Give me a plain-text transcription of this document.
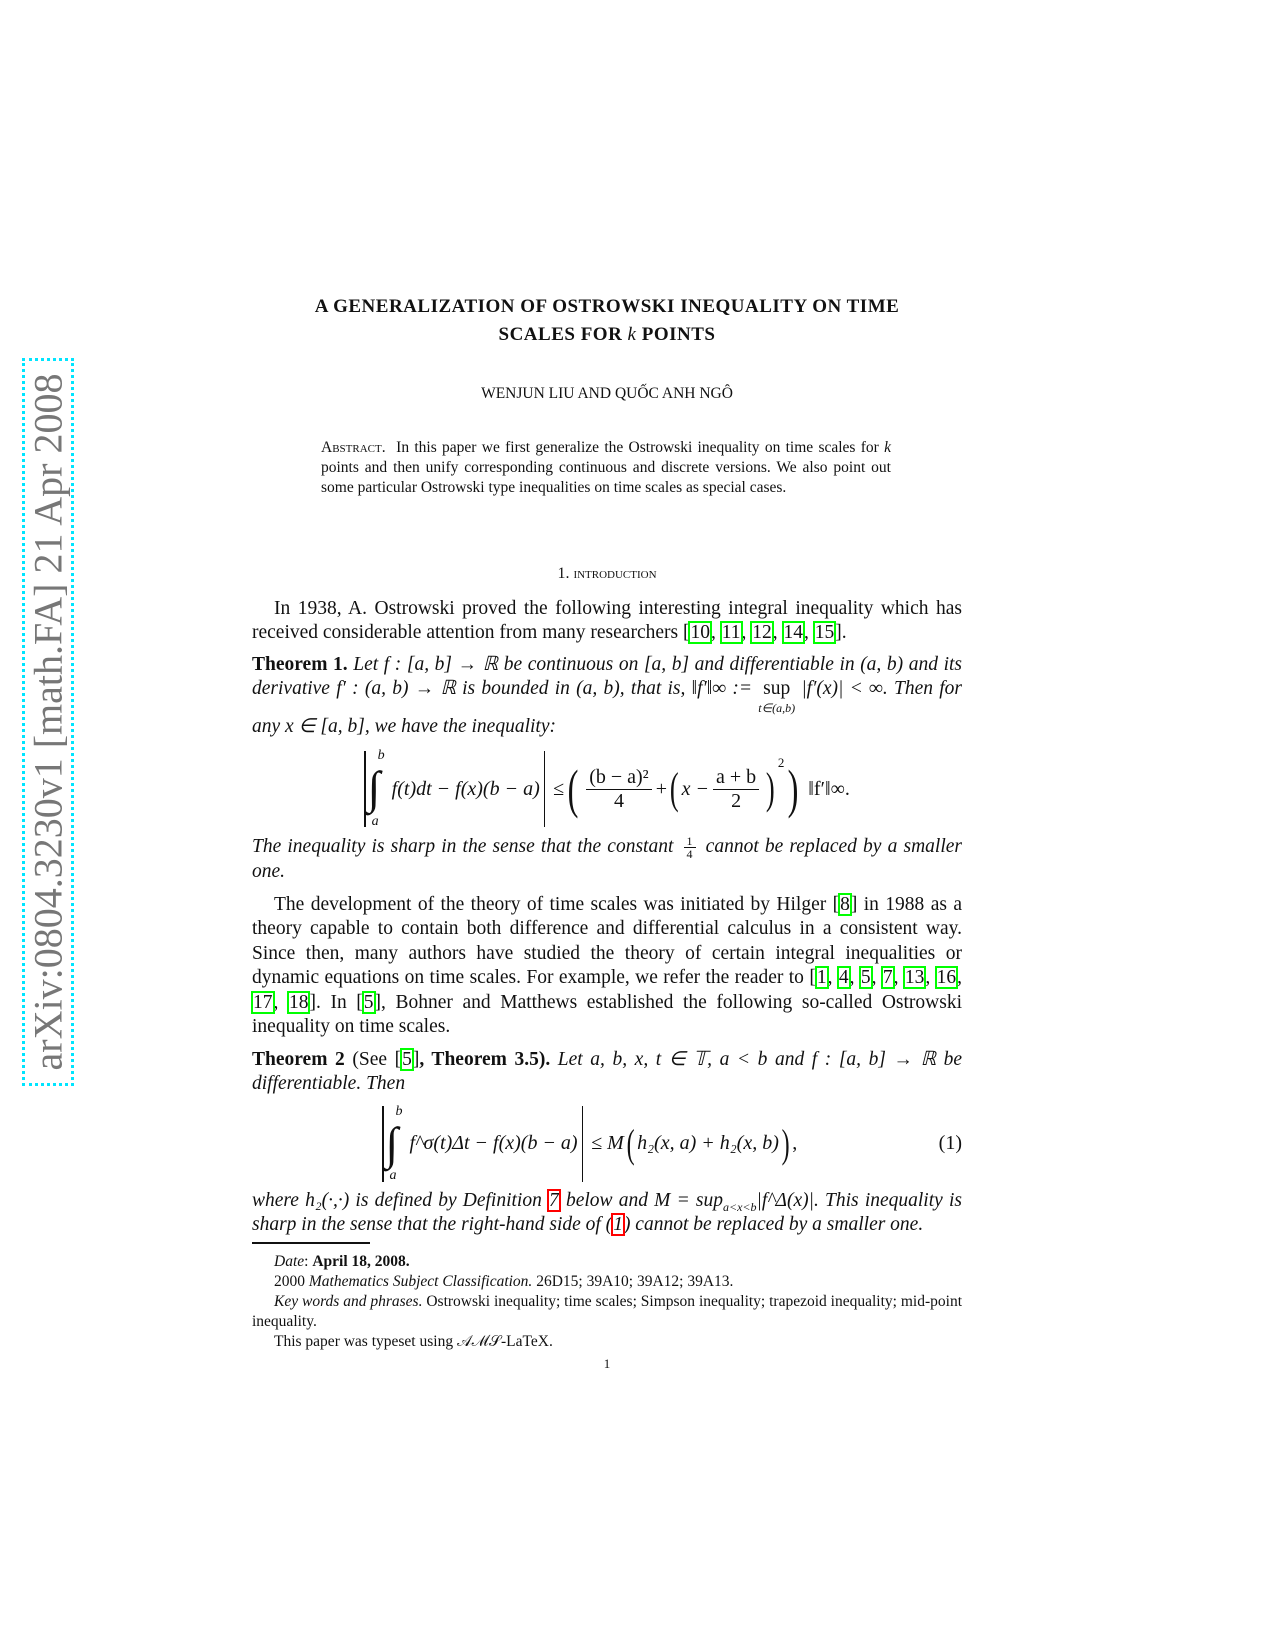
arXiv:0804.3230v1 [math.FA] 21 Apr 2008
A GENERALIZATION OF OSTROWSKI INEQUALITY ON TIME
SCALES FOR k POINTS
WENJUN LIU AND QUỐC ANH NGÔ
Abstract. In this paper we first generalize the Ostrowski inequality on time scales for k points and then unify corresponding continuous and discrete versions. We also point out some particular Ostrowski type inequalities on time scales as special cases.
1. introduction
In 1938, A. Ostrowski proved the following interesting integral inequality which has received considerable attention from many researchers [10, 11, 12, 14, 15].
Theorem 1. Let f : [a, b] → ℝ be continuous on [a, b] and differentiable in (a, b) and its derivative f′ : (a, b) → ℝ is bounded in (a, b), that is, ‖f′‖∞ := sup
t∈(a,b)
|f′(x)| < ∞. Then for any x ∈ [a, b], we have the inequality:
∫
b
a
f(t)dt − f(x)(b − a) ≤ ( $\frac{\text{(b − a)²}}{4}$ + ( $x - \frac{a + b}{2}$ )
$^2$ ) ‖f′‖∞.
The inequality is sharp in the sense that the constant $\frac{1}{4}$ cannot be replaced by a smaller one.
The development of the theory of time scales was initiated by Hilger [8] in 1988 as a theory capable to contain both difference and differential calculus in a consistent way. Since then, many authors have studied the theory of certain integral inequalities or dynamic equations on time scales. For example, we refer the reader to [1, 4, 5, 7, 13, 16, 17, 18]. In [5], Bohner and Matthews established the following so-called Ostrowski inequality on time scales.
Theorem 2 (See [5], Theorem 3.5). Let a, b, x, t ∈ 𝕋, a < b and f : [a, b] → ℝ be differentiable. Then
∫
b
a
f^σ(t)Δt − f(x)(b − a) ≤ M ( h₂(x, a) + h₂(x, b) ) ,	(1)
where h₂(·,·) is defined by Definition 7 below and M = sup$_{a<x<b}$|f^Δ(x)|. This inequality is sharp in the sense that the right-hand side of (1) cannot be replaced by a smaller one.
Date: April 18, 2008.
2000 Mathematics Subject Classification. 26D15; 39A10; 39A12; 39A13.
Key words and phrases. Ostrowski inequality; time scales; Simpson inequality; trapezoid inequality; mid-point inequality.
This paper was typeset using 𝒜ℳ𝒮-LaTeX.
1
